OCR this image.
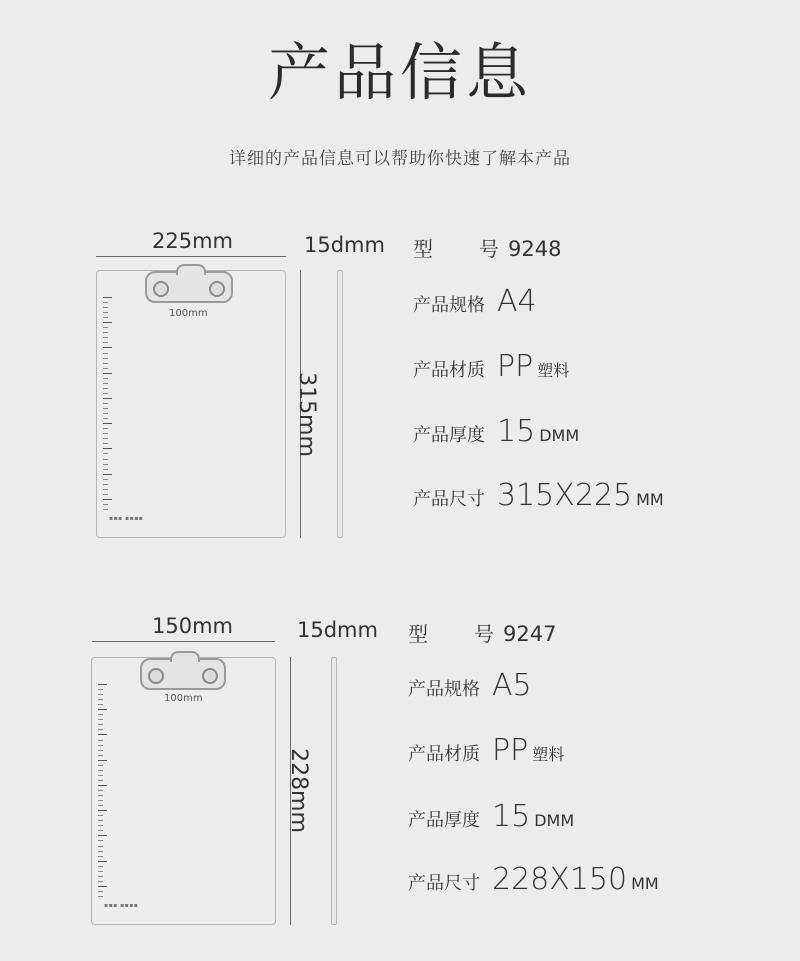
产品信息
详细的产品信息可以帮助你快速了解本产品
225mm	15dmm
100mm
▪▪▪ ▪▪▪▪
315mm
型 号 9248
产品规格 A4
产品材质 PP 塑料
产品厚度 15 DMM
产品尺寸 315X225 MM
150mm	15dmm
100mm
▪▪▪ ▪▪▪▪
228mm
型 号 9247
产品规格 A5
产品材质 PP 塑料
产品厚度 15 DMM
产品尺寸 228X150 MM
